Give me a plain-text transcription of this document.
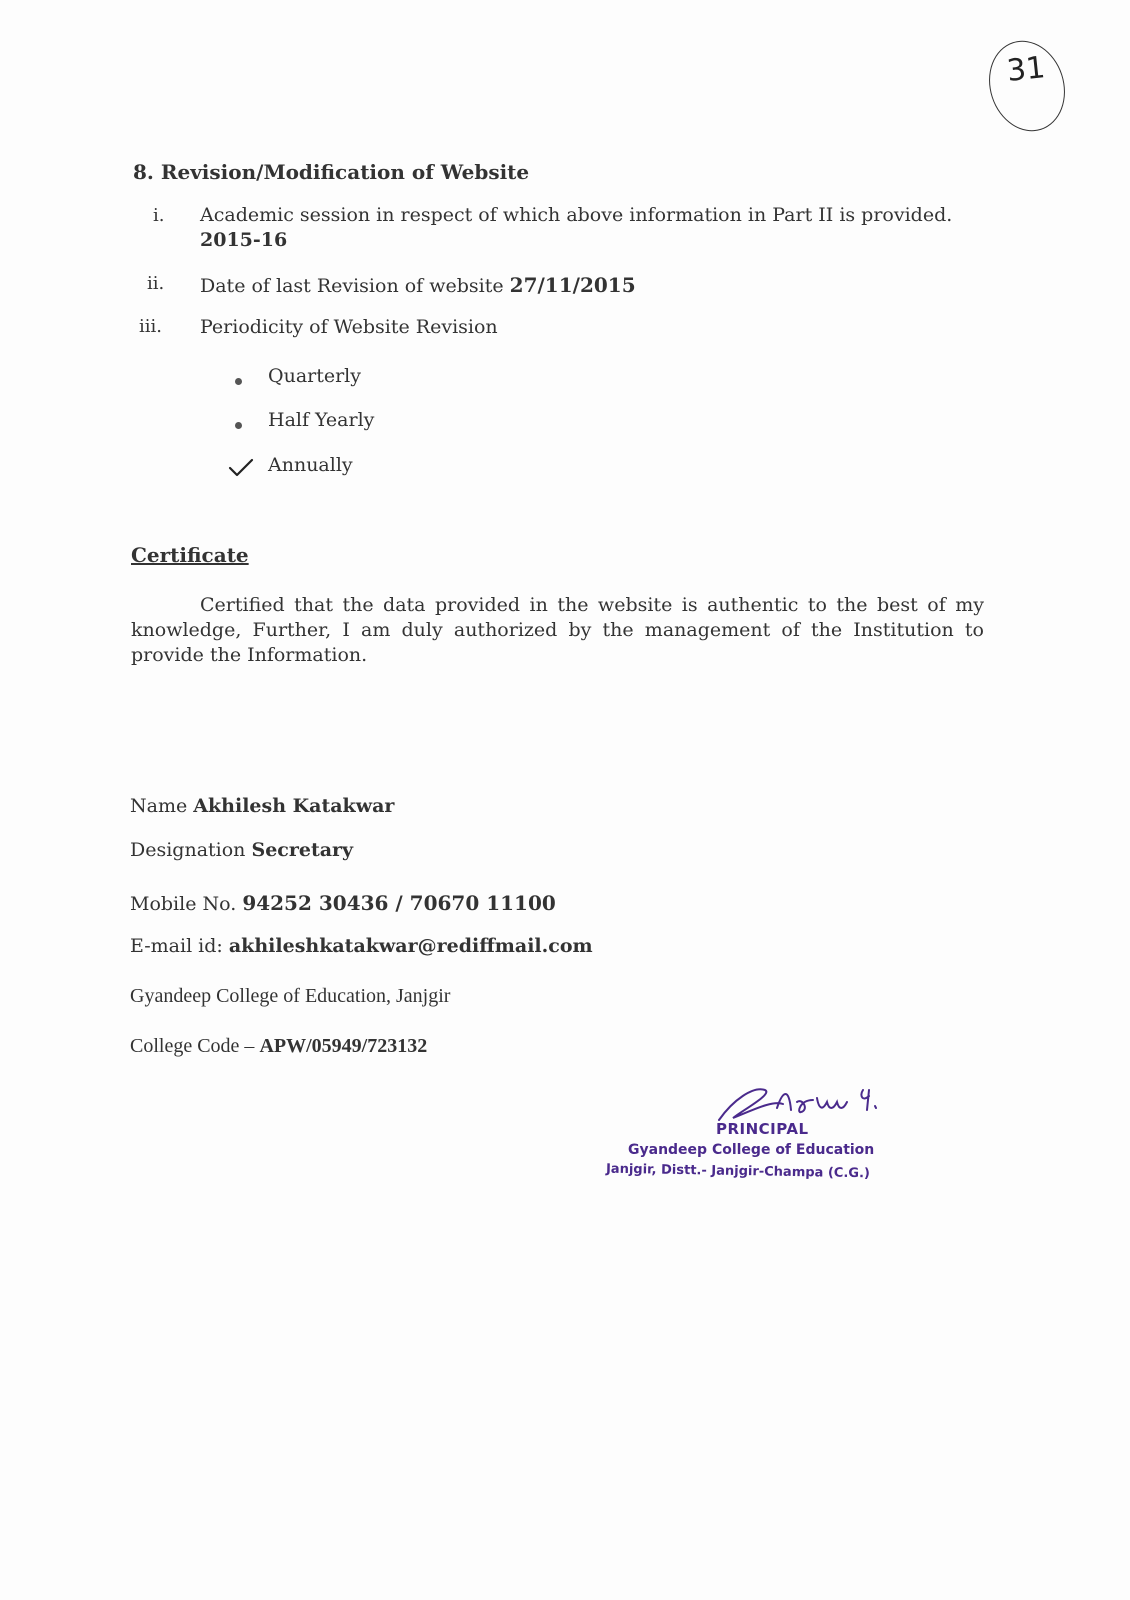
31
8. Revision/Modification of Website
i. Academic session in respect of which above information in Part II is provided.
2015-16
ii. Date of last Revision of website 27/11/2015
iii. Periodicity of Website Revision
Quarterly
Half Yearly
Annually
Certificate
Certified that the data provided in the website is authentic to the best of my knowledge, Further, I am duly authorized by the management of the Institution to provide the Information.
Name Akhilesh Katakwar
Designation Secretary
Mobile No. 94252 30436 / 70670 11100
E-mail id: akhileshkatakwar@rediffmail.com
Gyandeep College of Education, Janjgir
College Code – APW/05949/723132
PRINCIPAL
Gyandeep College of Education
Janjgir, Distt.- Janjgir-Champa (C.G.)
